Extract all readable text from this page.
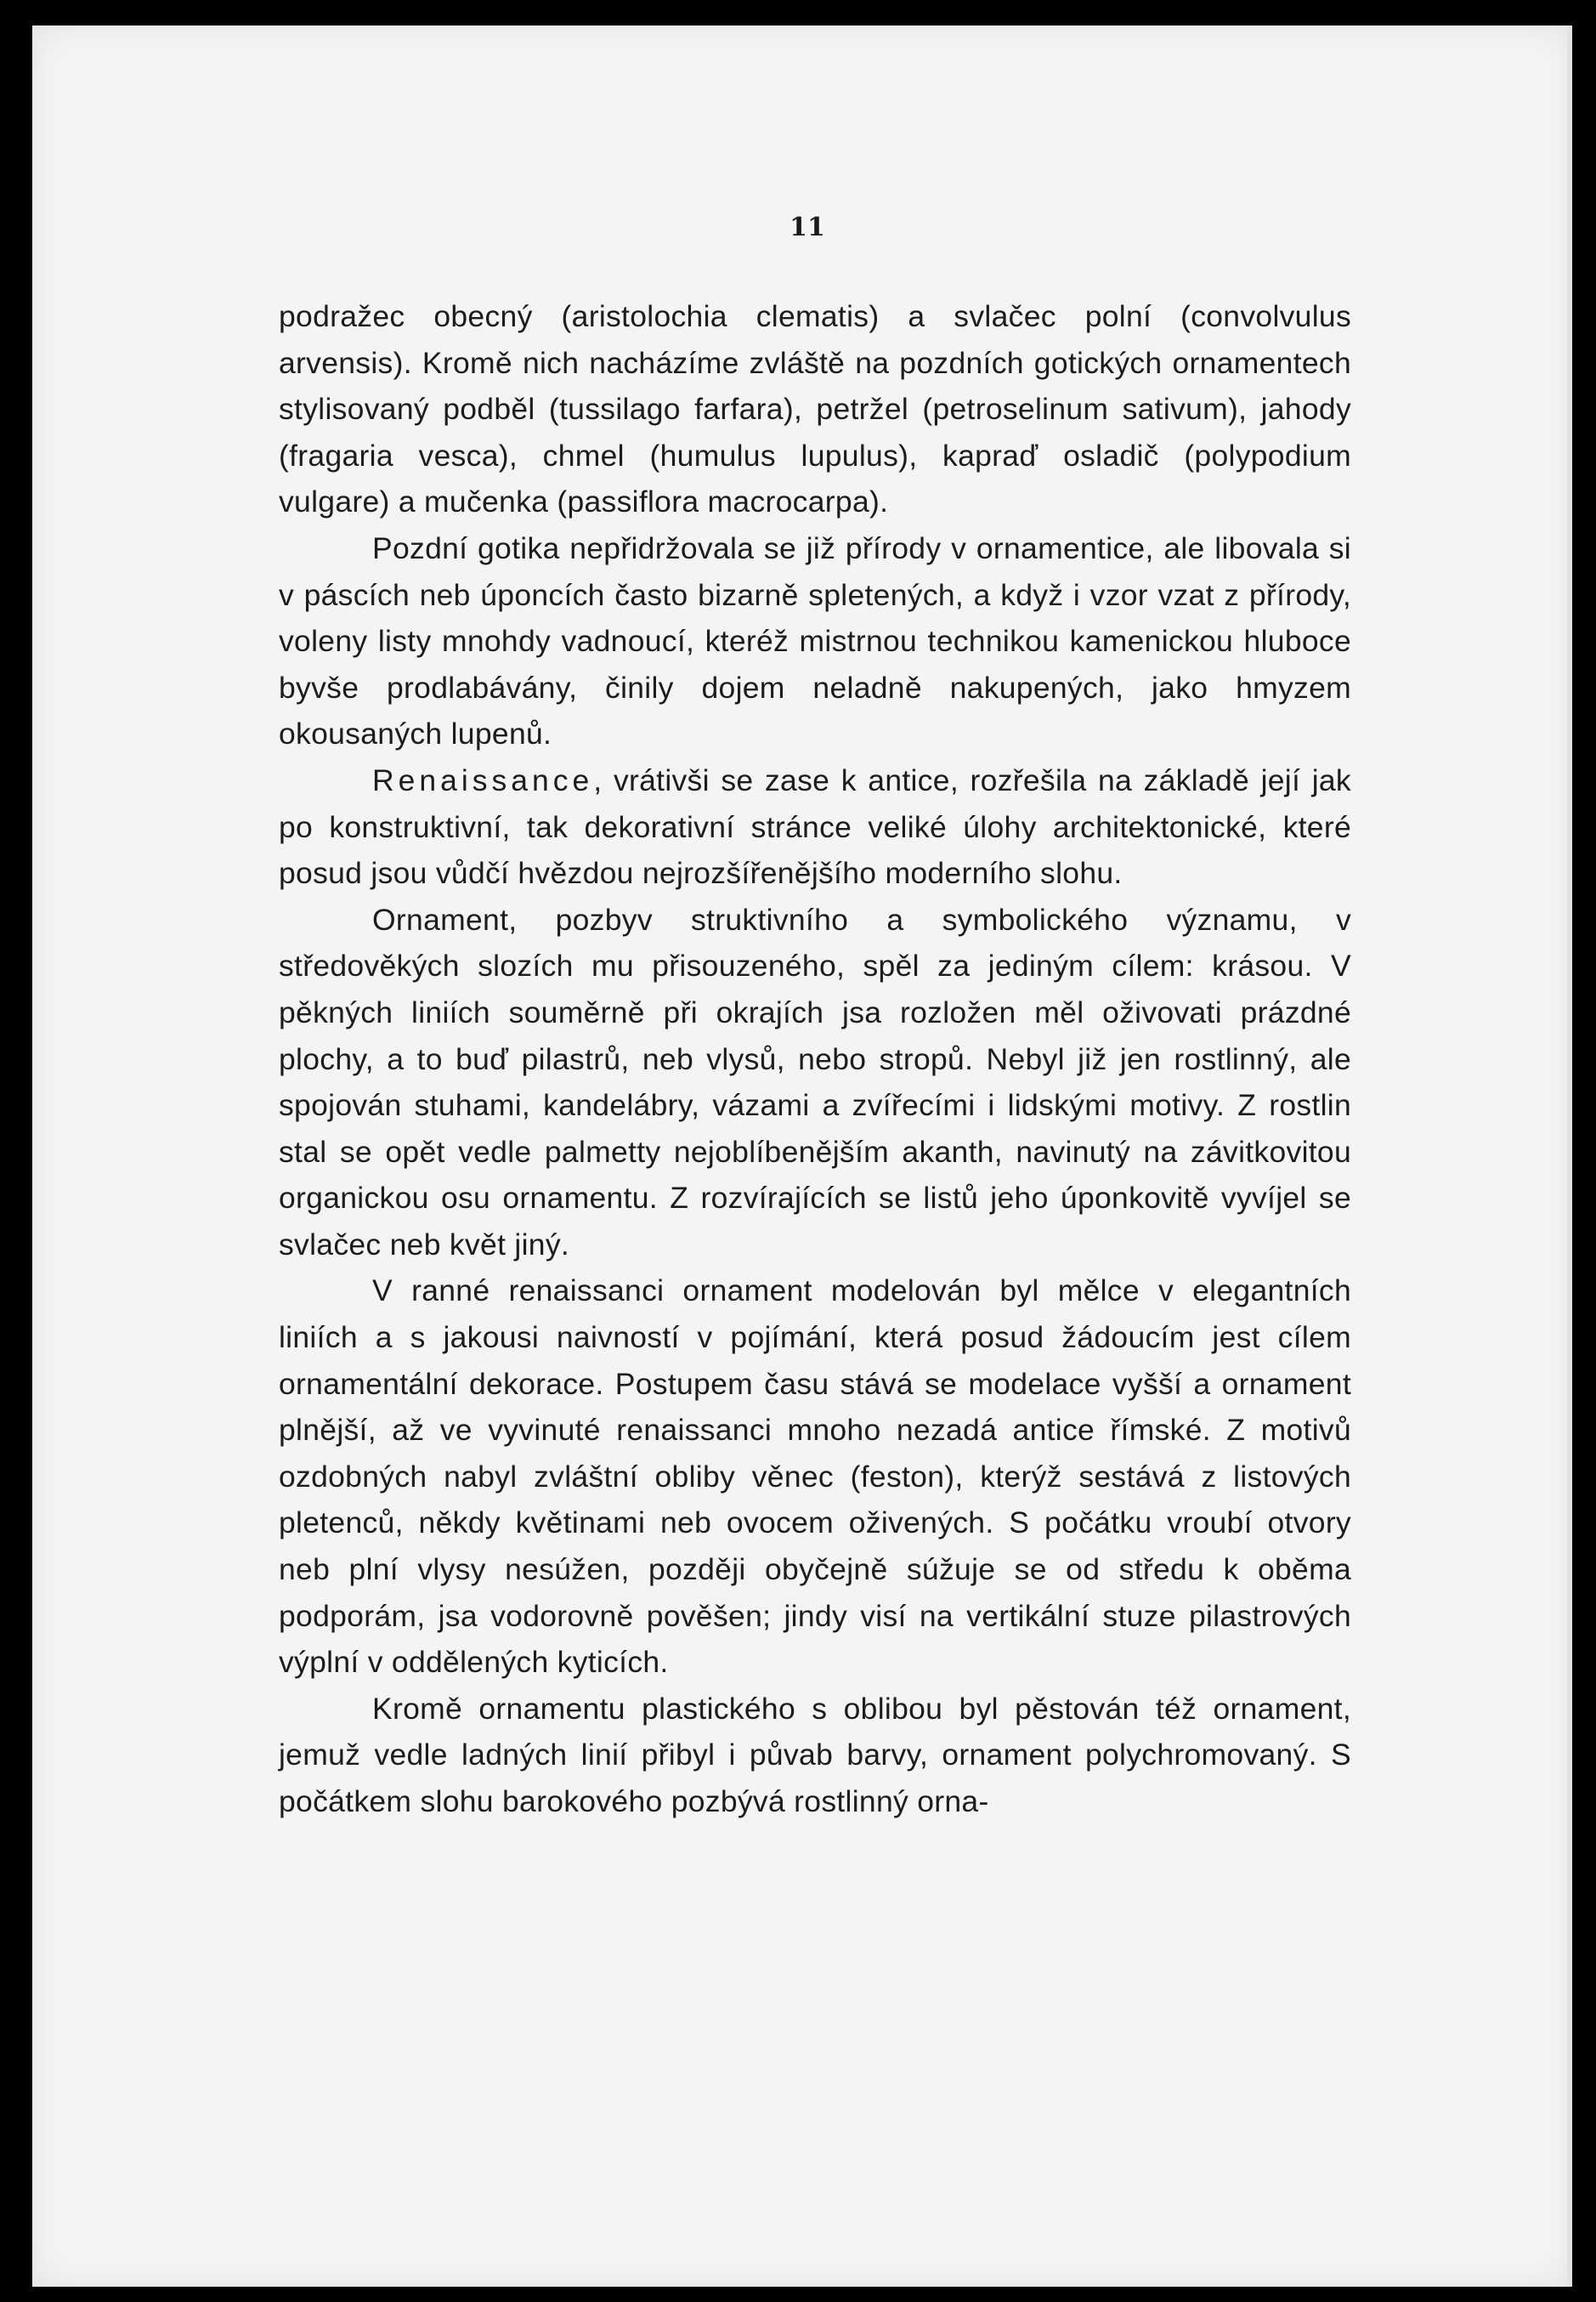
11

podražec obecný (aristolochia clematis) a svlačec polní (convolvulus arvensis). Kromě nich nacházíme zvláště na pozdních gotických ornamentech stylisovaný podběl (tussilago farfara), petržel (petroselinum sativum), jahody (fragaria vesca), chmel (humulus lupulus), kapraď osladič (polypodium vulgare) a mučenka (passiflora macrocarpa).

Pozdní gotika nepřidržovala se již přírody v ornamentice, ale libovala si v páscích neb úponcích často bizarně spletených, a když i vzor vzat z přírody, voleny listy mnohdy vadnoucí, kteréž mistrnou technikou kamenickou hluboce byvše prodlabávány, činily dojem neladně nakupených, jako hmyzem okousaných lupenů.

Renaissance, vrátivši se zase k antice, rozřešila na základě její jak po konstruktivní, tak dekorativní stránce veliké úlohy architektonické, které posud jsou vůdčí hvězdou nejrozšířenějšího moderního slohu.

Ornament, pozbyv struktivního a symbolického významu, v středověkých slozích mu přisouzeného, spěl za jediným cílem: krásou. V pěkných liniích souměrně při okrajích jsa rozložen měl oživovati prázdné plochy, a to buď pilastrů, neb vlysů, nebo stropů. Nebyl již jen rostlinný, ale spojován stuhami, kandelábry, vázami a zvířecími i lidskými motivy. Z rostlin stal se opět vedle palmetty nejoblíbenějším akanth, navinutý na závitkovitou organickou osu ornamentu. Z rozvírajících se listů jeho úponkovitě vyvíjel se svlačec neb květ jiný.

V ranné renaissanci ornament modelován byl mělce v elegantních liniích a s jakousi naivností v pojímání, která posud žádoucím jest cílem ornamentální dekorace. Postupem času stává se modelace vyšší a ornament plnější, až ve vyvinuté renaissanci mnoho nezadá antice římské. Z motivů ozdobných nabyl zvláštní obliby věnec (feston), kterýž sestává z listových pletenců, někdy květinami neb ovocem oživených. S počátku vroubí otvory neb plní vlysy nesúžen, později obyčejně súžuje se od středu k oběma podporám, jsa vodorovně pověšen; jindy visí na vertikální stuze pilastrových výplní v oddělených kyticích.

Kromě ornamentu plastického s oblibou byl pěstován též ornament, jemuž vedle ladných linií přibyl i půvab barvy, ornament polychromovaný. S počátkem slohu barokového pozbývá rostlinný orna-
